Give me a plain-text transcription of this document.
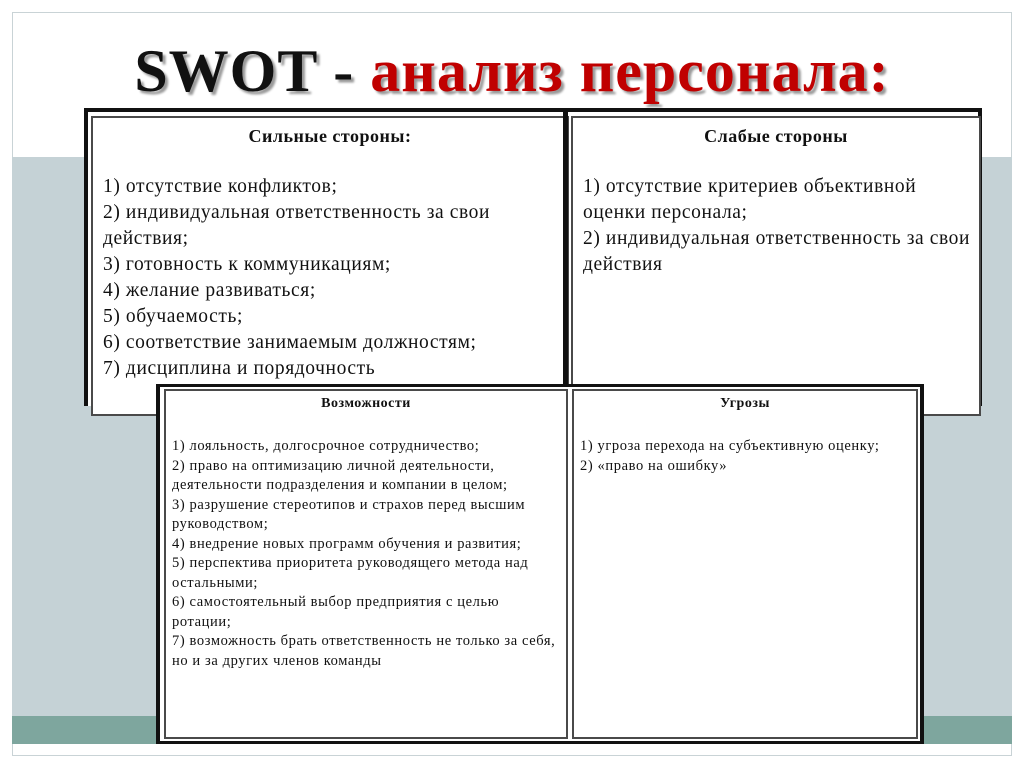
SWOT - анализ персонала:
Сильные стороны:
1) отсутствие конфликтов;
2) индивидуальная ответственность за свои действия;
3) готовность к коммуникациям;
4) желание развиваться;
5) обучаемость;
6) соответствие занимаемым должностям;
7) дисциплина и порядочность
Слабые стороны
1) отсутствие критериев объективной оценки персонала;
2) индивидуальная ответственность за свои действия
Возможности
1) лояльность, долгосрочное сотрудничество;
2) право на оптимизацию личной деятельности, деятельности подразделения и компании в целом;
3) разрушение стереотипов и страхов перед высшим руководством;
4) внедрение новых программ обучения и развития;
5) перспектива приоритета руководящего метода над остальными;
6) самостоятельный выбор предприятия с целью ротации;
7) возможность брать ответственность не только за себя, но и за других членов команды
Угрозы
1) угроза перехода на субъективную оценку;
2) «право на ошибку»
